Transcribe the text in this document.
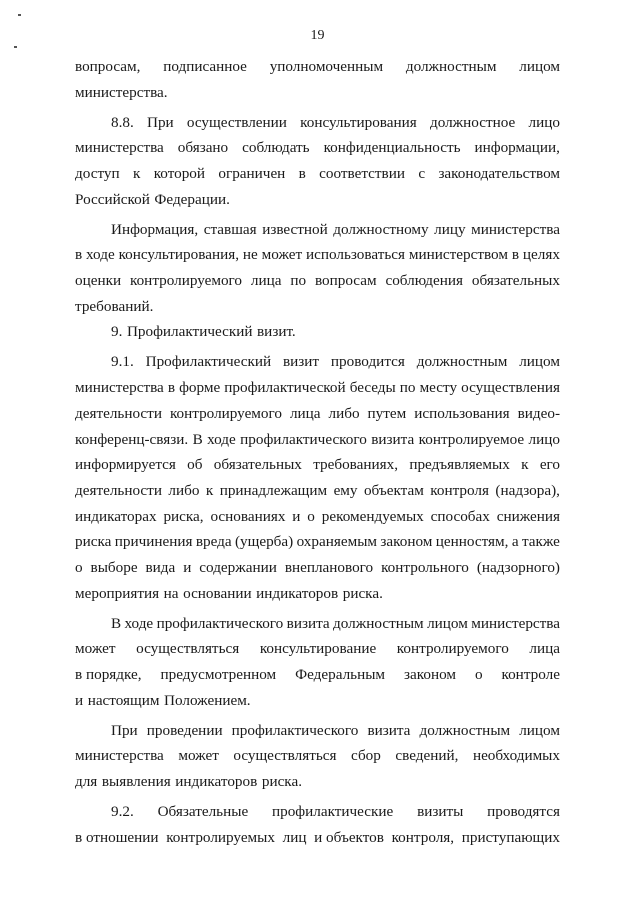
19
вопросам, подписанное уполномоченным должностным лицом
министерства.
8.8. При осуществлении консультирования должностное лицо
министерства обязано соблюдать конфиденциальность информации,
доступ к которой ограничен в соответствии с законодательством
Российской Федерации.
Информация, ставшая известной должностному лицу министерства
в ходе консультирования, не может использоваться министерством в целях
оценки контролируемого лица по вопросам соблюдения обязательных
требований.
9. Профилактический визит.
9.1. Профилактический визит проводится должностным лицом
министерства в форме профилактической беседы по месту осуществления
деятельности контролируемого лица либо путем использования видео-
конференц-связи. В ходе профилактического визита контролируемое лицо
информируется об обязательных требованиях, предъявляемых к его
деятельности либо к принадлежащим ему объектам контроля (надзора),
индикаторах риска, основаниях и о рекомендуемых способах снижения
риска причинения вреда (ущерба) охраняемым законом ценностям, а также
о выборе вида и содержании внепланового контрольного (надзорного)
мероприятия на основании индикаторов риска.
В ходе профилактического визита должностным лицом министерства
может осуществляться консультирование контролируемого лица
в порядке, предусмотренном Федеральным законом о контроле
и настоящим Положением.
При проведении профилактического визита должностным лицом
министерства может осуществляться сбор сведений, необходимых
для выявления индикаторов риска.
9.2. Обязательные профилактические визиты проводятся
в отношении контролируемых лиц и объектов контроля, приступающих
